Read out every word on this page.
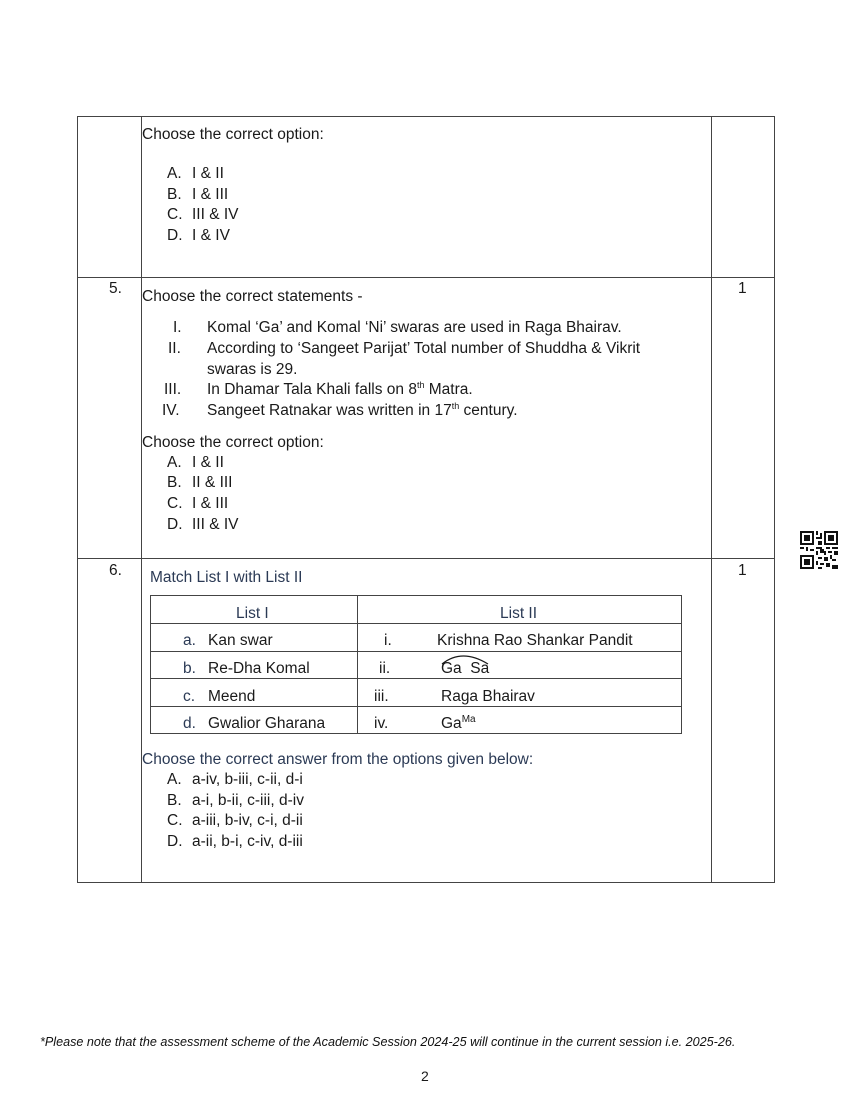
Choose the correct option:
A. I & II
B. I & III
C. III & IV
D. I & IV
5.	1
Choose the correct statements -
I. Komal ‘Ga’ and Komal ‘Ni’ swaras are used in Raga Bhairav.
II. According to ‘Sangeet Parijat’ Total number of Shuddha & Vikrit
swaras is 29.
III. In Dhamar Tala Khali falls on 8th Matra.
IV. Sangeet Ratnakar was written in 17th century.
Choose the correct option:
A. I & II
B. II & III
C. I & III
D. III & IV
6.	1
Match List I with List II
List I	List II
a. Kan swar	i.	Krishna Rao Shankar Pandit
b. Re-Dha Komal	ii.	Ga  Sa
c. Meend	iii.	Raga Bhairav
d. Gwalior Gharana	iv.	$Ga^{Ma}$
Choose the correct answer from the options given below:
A. a-iv, b-iii, c-ii, d-i
B. a-i, b-ii, c-iii, d-iv
C. a-iii, b-iv, c-i, d-ii
D. a-ii, b-i, c-iv, d-iii
*Please note that the assessment scheme of the Academic Session 2024-25 will continue in the current session i.e. 2025-26.
2
